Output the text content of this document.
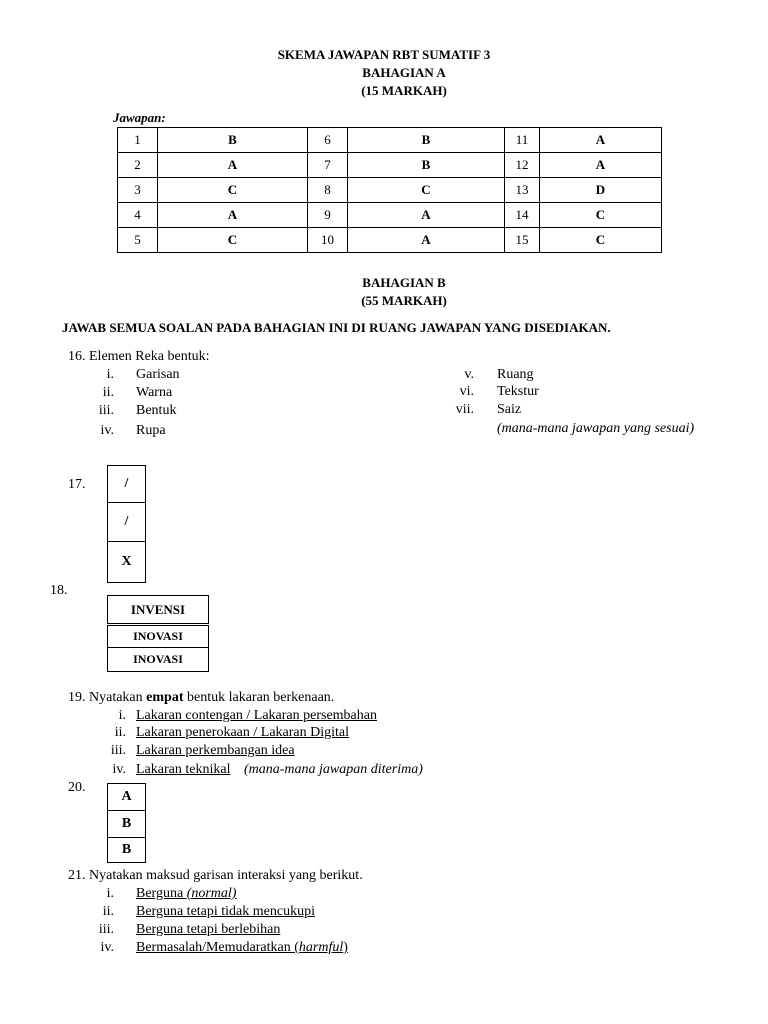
SKEMA JAWAPAN RBT SUMATIF 3
BAHAGIAN A
(15 MARKAH)
Jawapan:
1	B	6	B	11	A
2	A	7	B	12	A
3	C	8	C	13	D
4	A	9	A	14	C
5	C	10	A	15	C
BAHAGIAN B
(55 MARKAH)
JAWAB SEMUA SOALAN PADA BAHAGIAN INI DI RUANG JAWAPAN YANG DISEDIAKAN.
16. Elemen Reka bentuk:
i. Garisan
ii. Warna
iii. Bentuk
iv. Rupa
v. Ruang
vi. Tekstur
vii. Saiz
(mana-mana jawapan yang sesuai)
17.	/
/
X
18.
INVENSI
INOVASI
INOVASI
19. Nyatakan empat bentuk lakaran berkenaan.
i. Lakaran contengan / Lakaran persembahan
ii. Lakaran penerokaan / Lakaran Digital
iii. Lakaran perkembangan idea
iv. Lakaran teknikal (mana-mana jawapan diterima)
20.
A
B
B
21. Nyatakan maksud garisan interaksi yang berikut.
i. Berguna (normal)
ii. Berguna tetapi tidak mencukupi
iii. Berguna tetapi berlebihan
iv. Bermasalah/Memudaratkan (harmful)
